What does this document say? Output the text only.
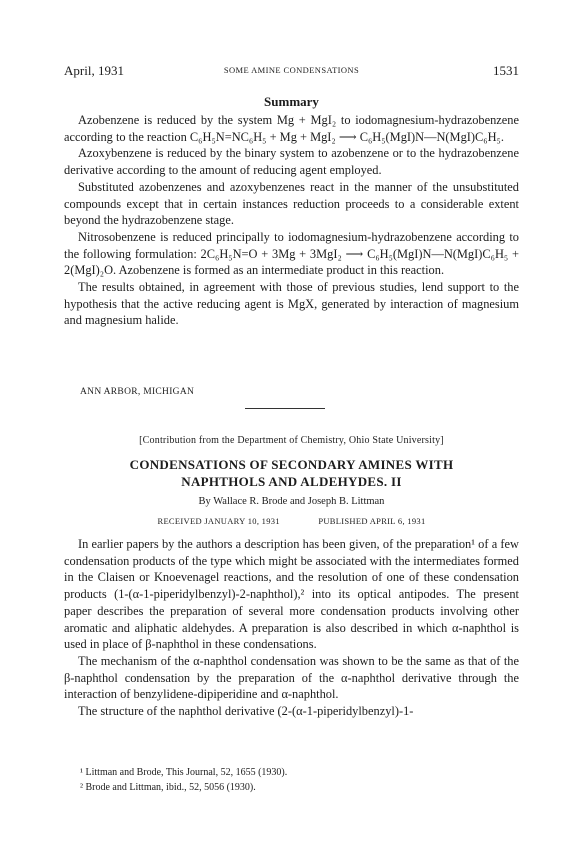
April, 1931	SOME AMINE CONDENSATIONS	1531
Summary

Azobenzene is reduced by the system Mg + MgI₂ to iodomagnesium-hydrazobenzene according to the reaction C₆H₅N=NC₆H₅ + Mg + MgI₂ ⟶ C₆H₅(MgI)N—N(MgI)C₆H₅.

Azoxybenzene is reduced by the binary system to azobenzene or to the hydrazobenzene derivative according to the amount of reducing agent employed.

Substituted azobenzenes and azoxybenzenes react in the manner of the unsubstituted compounds except that in certain instances reduction proceeds to a considerable extent beyond the hydrazobenzene stage.

Nitrosobenzene is reduced principally to iodomagnesium-hydrazobenzene according to the following formulation: 2C₆H₅N=O + 3Mg + 3MgI₂ ⟶ C₆H₅(MgI)N—N(MgI)C₆H₅ + 2(MgI)₂O. Azobenzene is formed as an intermediate product in this reaction.

The results obtained, in agreement with those of previous studies, lend support to the hypothesis that the active reducing agent is MgX, generated by interaction of magnesium and magnesium halide.

ANN ARBOR, MICHIGAN
[Contribution from the Department of Chemistry, Ohio State University]
CONDENSATIONS OF SECONDARY AMINES WITH
NAPHTHOLS AND ALDEHYDES. II
By Wallace R. Brode and Joseph B. Littman
RECEIVED JANUARY 10, 1931	PUBLISHED APRIL 6, 1931

In earlier papers by the authors a description has been given, of the preparation¹ of a few condensation products of the type which might be associated with the intermediates formed in the Claisen or Knoevenagel reactions, and the resolution of one of these condensation products (1-(α-1-piperidylbenzyl)-2-naphthol),² into its optical antipodes. The present paper describes the preparation of several more condensation products involving other aromatic and aliphatic aldehydes. A preparation is also described in which α-naphthol is used in place of β-naphthol in these condensations.

The mechanism of the α-naphthol condensation was shown to be the same as that of the β-naphthol condensation by the preparation of the α-naphthol derivative through the interaction of benzylidene-dipiperidine and α-naphthol.

The structure of the naphthol derivative (2-(α-1-piperidylbenzyl)-1-

¹ Littman and Brode, This Journal, 52, 1655 (1930).
² Brode and Littman, ibid., 52, 5056 (1930).
